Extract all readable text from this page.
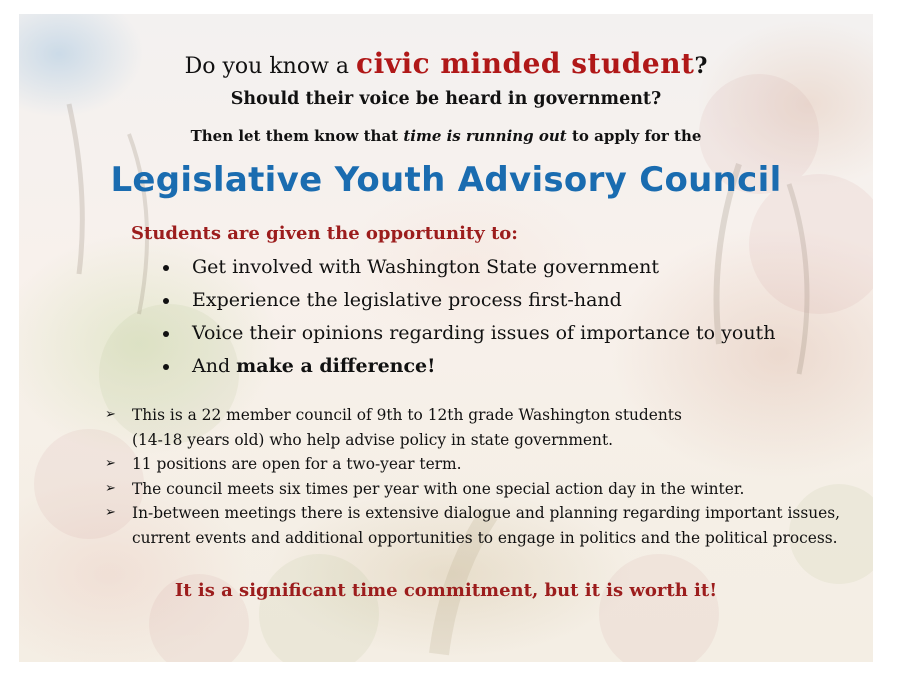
Do you know a civic minded student?
Should their voice be heard in government?
Then let them know that time is running out to apply for the
Legislative Youth Advisory Council
Students are given the opportunity to:
Get involved with Washington State government
Experience the legislative process first-hand
Voice their opinions regarding issues of importance to youth
And make a difference!
➢ This is a 22 member council of 9th to 12th grade Washington students
(14-18 years old) who help advise policy in state government.
➢ 11 positions are open for a two-year term.
➢ The council meets six times per year with one special action day in the winter.
➢ In-between meetings there is extensive dialogue and planning regarding important issues,
current events and additional opportunities to engage in politics and the political process.
It is a significant time commitment, but it is worth it!
